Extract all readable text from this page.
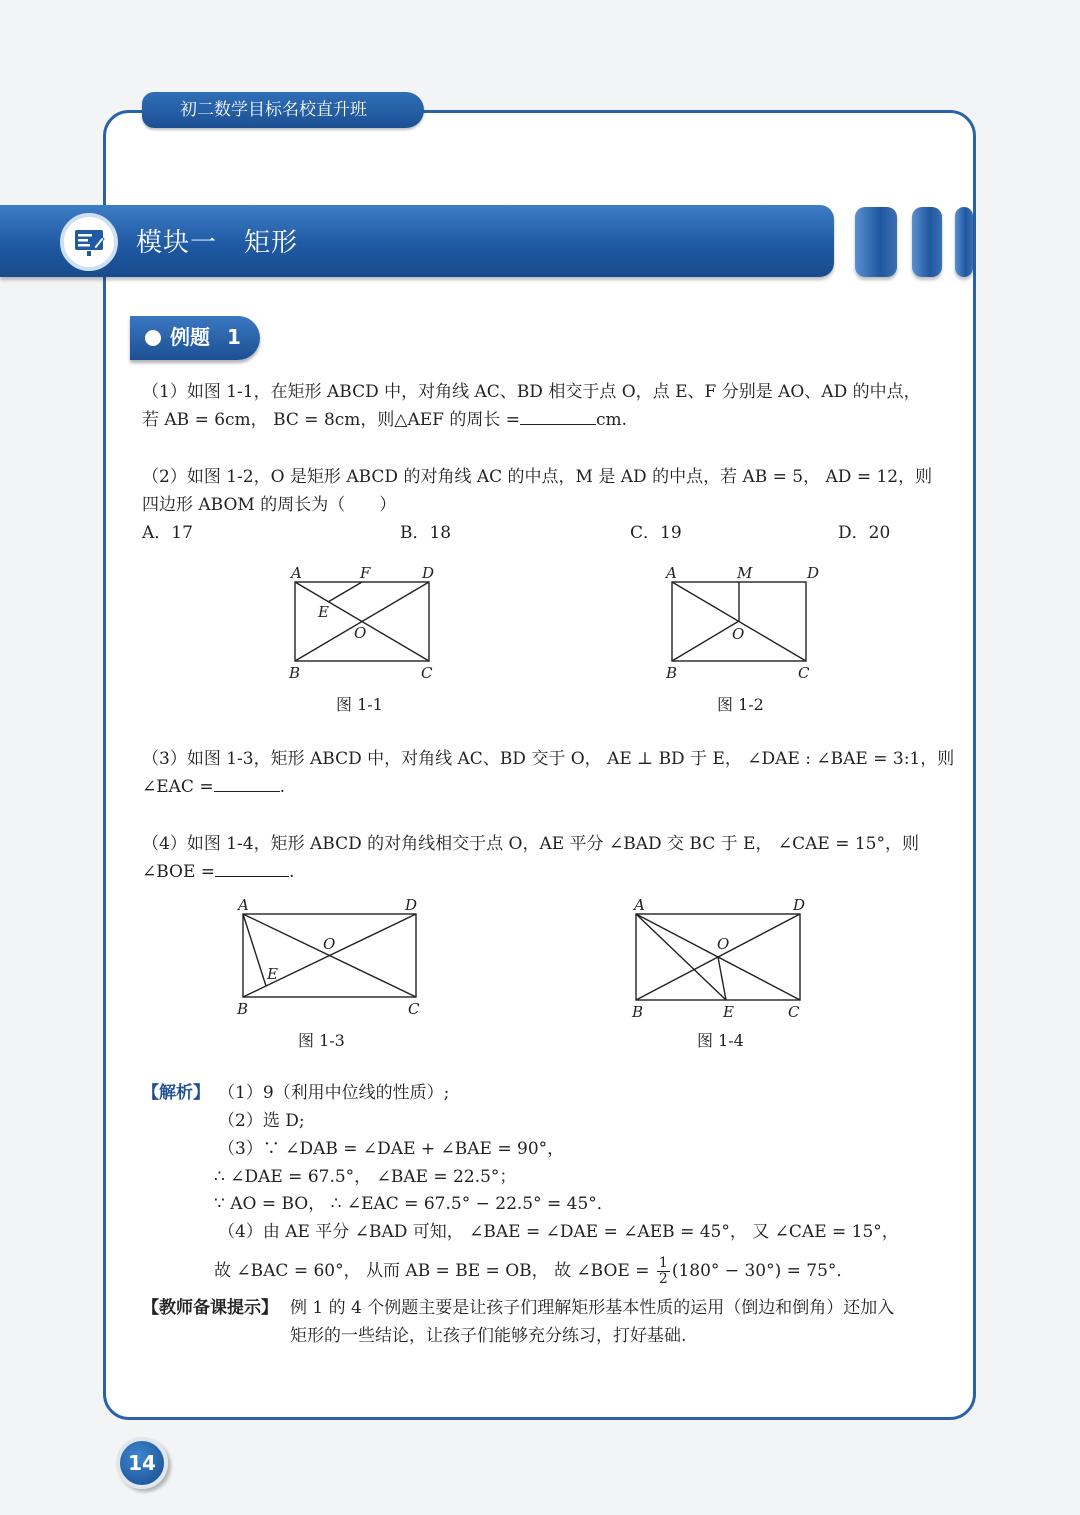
初二数学目标名校直升班
模块一　矩形
例题 1
（1）如图 1-1，在矩形 ABCD 中，对角线 AC、BD 相交于点 O，点 E、F 分别是 AO、AD 的中点，
若 AB = 6cm， BC = 8cm，则△AEF 的周长 =	cm.
（2）如图 1-2，O 是矩形 ABCD 的对角线 AC 的中点，M 是 AD 的中点，若 AB = 5， AD = 12，则
四边形 ABOM 的周长为（　　）
A．17	B．18	C．19	D．20
A	F	D
E
O
B	C
图 1-1
A	M	D
O
B	C
图 1-2
（3）如图 1-3，矩形 ABCD 中，对角线 AC、BD 交于 O， AE ⊥ BD 于 E， ∠DAE : ∠BAE = 3:1，则
∠EAC =	.
（4）如图 1-4，矩形 ABCD 的对角线相交于点 O，AE 平分 ∠BAD 交 BC 于 E， ∠CAE = 15°，则
∠BOE =	.
A	D
O
E
B	C
图 1-3
A	D
O
B	E	C
图 1-4
【解析】 （1）9（利用中位线的性质）;
（2）选 D;
（3）∵ ∠DAB = ∠DAE + ∠BAE = 90°，
∴ ∠DAE = 67.5°， ∠BAE = 22.5°；
∵ AO = BO， ∴ ∠EAC = 67.5° − 22.5° = 45°．
（4）由 AE 平分 ∠BAD 可知， ∠BAE = ∠DAE = ∠AEB = 45°， 又 ∠CAE = 15°，
故 ∠BAC = 60°， 从而 AB = BE = OB， 故 ∠BOE = $\frac{1}{2} (180^\circ - 30^\circ) = 75^\circ$．
【教师备课提示】 例 1 的 4 个例题主要是让孩子们理解矩形基本性质的运用（倒边和倒角）还加入
矩形的一些结论，让孩子们能够充分练习，打好基础.
14
